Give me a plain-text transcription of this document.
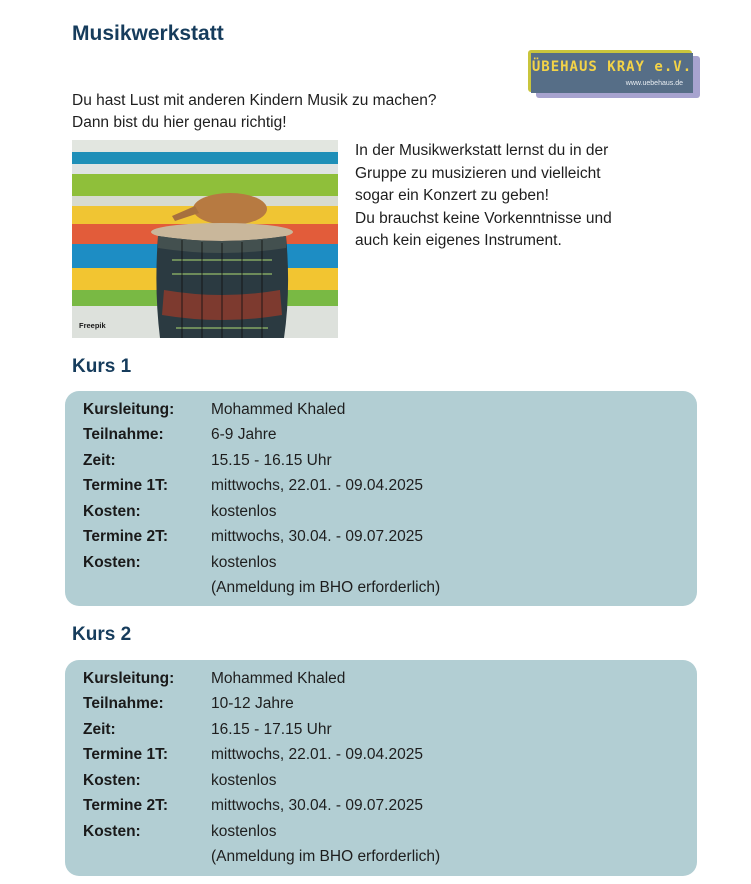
Musikwerkstatt
ÜBEHAUS KRAY e.V.
www.uebehaus.de
Du hast Lust mit anderen Kindern Musik zu machen?
Dann bist du hier genau richtig!
Freepik
In der Musikwerkstatt lernst du in der
Gruppe zu musizieren und vielleicht
sogar ein Konzert zu geben!
Du brauchst keine Vorkenntnisse und
auch kein eigenes Instrument.
Kurs 1
Kursleitung: Mohammed Khaled
Teilnahme:	6-9 Jahre
Zeit:	15.15 - 16.15 Uhr
Termine 1T:	mittwochs, 22.01. - 09.04.2025
Kosten:	kostenlos
Termine 2T:	mittwochs, 30.04. - 09.07.2025
Kosten:	kostenlos
(Anmeldung im BHO erforderlich)
Kurs 2
Kursleitung: Mohammed Khaled
Teilnahme:	10-12 Jahre
Zeit:	16.15 - 17.15 Uhr
Termine 1T:	mittwochs, 22.01. - 09.04.2025
Kosten:	kostenlos
Termine 2T:	mittwochs, 30.04. - 09.07.2025
Kosten:	kostenlos
(Anmeldung im BHO erforderlich)
